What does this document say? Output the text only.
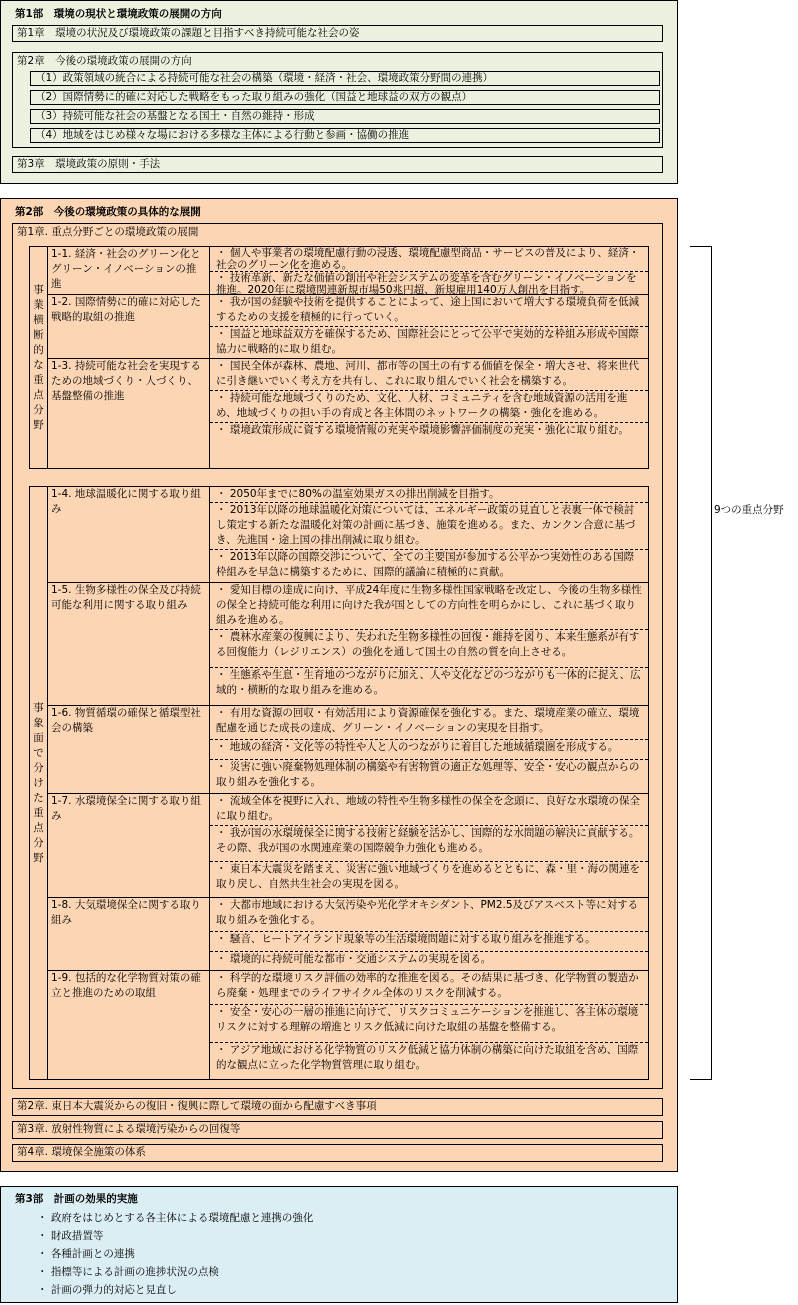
第1部　環境の現状と環境政策の展開の方向
第1章　環境の状況及び環境政策の課題と目指すべき持続可能な社会の姿
第2章　今後の環境政策の展開の方向
（1）政策領域の統合による持続可能な社会の構築（環境・経済・社会、環境政策分野間の連携）
（2）国際情勢に的確に対応した戦略をもった取り組みの強化（国益と地球益の双方の観点）
（3）持続可能な社会の基盤となる国土・自然の維持・形成
（4）地域をはじめ様々な場における多様な主体による行動と参画・協働の推進
第3章　環境政策の原則・手法
第2部　今後の環境政策の具体的な展開
第1章. 重点分野ごとの環境政策の展開
事業横断的な重点分野
1-1. 経済・社会のグリーン化とグリーン・イノベーションの推進
・ 個人や事業者の環境配慮行動の浸透、環境配慮型商品・サービスの普及により、経済・社会のグリーン化を進める。
・ 技術革新、新たな価値の創出や社会システムの変革を含むグリーン・イノベーションを推進。2020年に環境関連新規市場50兆円超、新規雇用140万人創出を目指す。
1-2. 国際情勢に的確に対応した戦略的取組の推進
・ 我が国の経験や技術を提供することによって、途上国において増大する環境負荷を低減するための支援を積極的に行っていく。
・ 国益と地球益双方を確保するため、国際社会にとって公平で実効的な枠組み形成や国際協力に戦略的に取り組む。
1-3. 持続可能な社会を実現するための地域づくり・人づくり、基盤整備の推進
・ 国民全体が森林、農地、河川、都市等の国土の有する価値を保全・増大させ、将来世代に引き継いでいく考え方を共有し、これに取り組んでいく社会を構築する。
・ 持続可能な地域づくりのため、文化、人材、コミュニティを含む地域資源の活用を進め、地域づくりの担い手の育成と各主体間のネットワークの構築・強化を進める。
・ 環境政策形成に資する環境情報の充実や環境影響評価制度の充実・強化に取り組む。
事象面で分けた重点分野
1-4. 地球温暖化に関する取り組み
・ 2050年までに80%の温室効果ガスの排出削減を目指す。
・ 2013年以降の地球温暖化対策については、エネルギー政策の見直しと表裏一体で検討し策定する新たな温暖化対策の計画に基づき、施策を進める。また、カンクン合意に基づき、先進国・途上国の排出削減に取り組む。
・ 2013年以降の国際交渉について、全ての主要国が参加する公平かつ実効性のある国際枠組みを早急に構築するために、国際的議論に積極的に貢献。
1-5. 生物多様性の保全及び持続可能な利用に関する取り組み
・ 愛知目標の達成に向け、平成24年度に生物多様性国家戦略を改定し、今後の生物多様性の保全と持続可能な利用に向けた我が国としての方向性を明らかにし、これに基づく取り組みを進める。
・ 農林水産業の復興により、失われた生物多様性の回復・維持を図り、本来生態系が有する回復能力（レジリエンス）の強化を通して国土の自然の質を向上させる。
・ 生態系や生息・生育地のつながりに加え、人や文化などのつながりも一体的に捉え、広域的・横断的な取り組みを進める。
1-6. 物質循環の確保と循環型社会の構築
・ 有用な資源の回収・有効活用により資源確保を強化する。また、環境産業の確立、環境配慮を通じた成長の達成、グリーン・イノベーションの実現を目指す。
・ 地域の経済・文化等の特性や人と人のつながりに着目した地域循環圏を形成する。
・ 災害に強い廃棄物処理体制の構築や有害物質の適正な処理等、安全・安心の観点からの取り組みを強化する。
1-7. 水環境保全に関する取り組み
・ 流域全体を視野に入れ、地域の特性や生物多様性の保全を念頭に、良好な水環境の保全に取り組む。
・ 我が国の水環境保全に関する技術と経験を活かし、国際的な水問題の解決に貢献する。その際、我が国の水関連産業の国際競争力強化も進める。
・ 東日本大震災を踏まえ、災害に強い地域づくりを進めるとともに、森・里・海の関連を取り戻し、自然共生社会の実現を図る。
1-8. 大気環境保全に関する取り組み
・ 大都市地域における大気汚染や光化学オキシダント、PM2.5及びアスベスト等に対する取り組みを強化する。
・ 騒音、ヒートアイランド現象等の生活環境問題に対する取り組みを推進する。
・ 環境的に持続可能な都市・交通システムの実現を図る。
1-9. 包括的な化学物質対策の確立と推進のための取組
・ 科学的な環境リスク評価の効率的な推進を図る。その結果に基づき、化学物質の製造から廃棄・処理までのライフサイクル全体のリスクを削減する。
・ 安全・安心の一層の推進に向けて、リスクコミュニケーションを推進し、各主体の環境リスクに対する理解の増進とリスク低減に向けた取組の基盤を整備する。
・ アジア地域における化学物質のリスク低減と協力体制の構築に向けた取組を含め、国際的な観点に立った化学物質管理に取り組む。
第2章. 東日本大震災からの復旧・復興に際して環境の面から配慮すべき事項
第3章. 放射性物質による環境汚染からの回復等
第4章. 環境保全施策の体系
9つの重点分野
第3部　計画の効果的実施
・ 政府をはじめとする各主体による環境配慮と連携の強化
・ 財政措置等
・ 各種計画との連携
・ 指標等による計画の進捗状況の点検
・ 計画の弾力的対応と見直し
